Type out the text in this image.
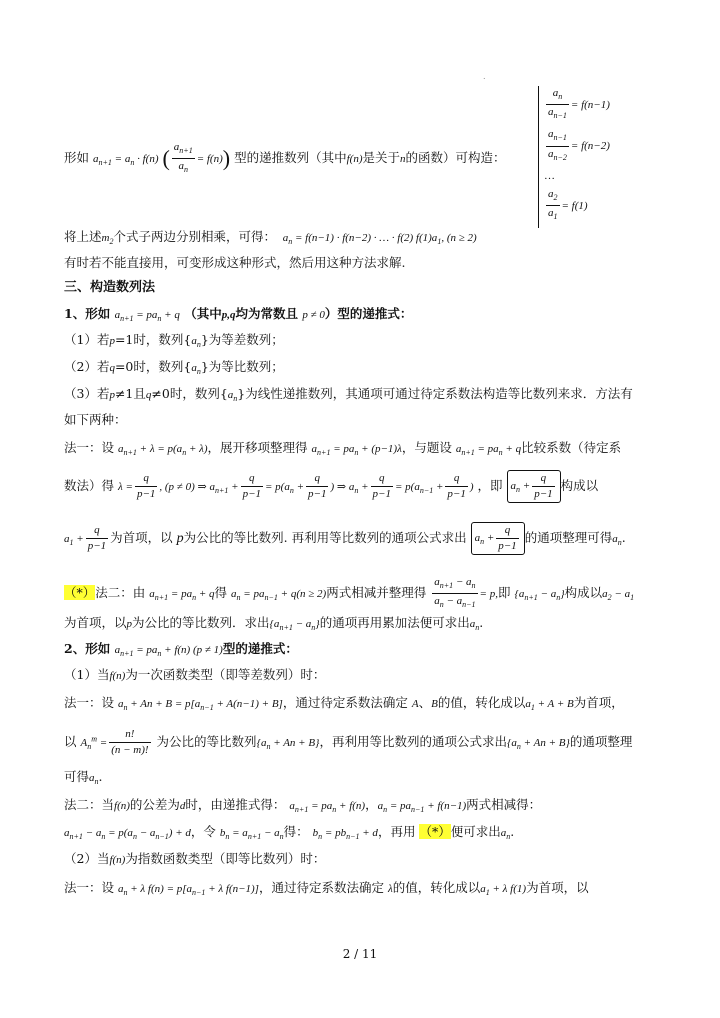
.
$\frac{a_n}{a_{n-1}} = f(n-1)$
$\frac{a_{n-1}}{a_{n-2}} = f(n-2)$
…
$\frac{a_2}{a_1} = f(1)$
形如 $a_{n+1} = a_n \cdot f(n)$ ( $\frac{a_{n+1}}{a_n} = f(n)$) 型的递推数列（其中f(n)是关于n的函数）可构造：
将上述$m_2$个式子两边分别相乘，可得：  $a_n = f(n-1) \cdot f(n-2)$ · … · f(2) $f(1)a_1$, (n ≥ 2)
有时若不能直接用，可变形成这种形式，然后用这种方法求解.
三、构造数列法
1、形如 $a_{n+1} = pa_n + q$ （其中p,q均为常数且 p ≠ 0）型的递推式：
（1）若p=1时，数列$\{a_n\}$为等差数列；
（2）若q=0时，数列$\{a_n\}$为等比数列；
（3）若p≠1且q≠0时，数列$\{a_n\}$为线性递推数列，其通项可通过待定系数法构造等比数列来求．方法有
如下两种：
法一：设 $a_{n+1} + \lambda = p(a_n + \lambda)$，展开移项整理得 $a_{n+1} = pa_n + (p-1)\lambda$，与题设 $a_{n+1} = pa_n + q$比较系数（待定系
数法）得 $\lambda = \frac{q}{p-1}$ , (p ≠ 0) ⇒ $a_{n+1} + \frac{q}{p-1} = p(a_n + \frac{q}{p-1}$ ) ⇒ $a_n + \frac{q}{p-1} = p(a_{n-1} + \frac{q}{p-1}$ ) ，即 $a_n + \frac{q}{p-1}$ 构成以
$a_1 + \frac{q}{p-1}$ 为首项，以 p为公比的等比数列. 再利用等比数列的通项公式求出 $a_n + \frac{q}{p-1}$ 的通项整理可得$a_n$.
（*）法二：由 $a_{n+1} = pa_n + q$得 $a_n = pa_{n-1} + q(n \ge 2)$两式相减并整理得 $\frac{a_{n+1} - a_n}{a_n - a_{n-1}} = p$,即 $\{a_{n+1} - a_n\}$构成以$a_2 - a_1$
为首项，以p为公比的等比数列．求出$\{a_{n+1} - a_n\}$的通项再用累加法便可求出$a_n$.
2、形如 $a_{n+1} = pa_n + f(n) (p \ne 1)$型的递推式：
（1）当f(n)为一次函数类型（即等差数列）时：
法一：设 $a_n + An + B = p[a_{n-1} + A(n-1) + B]$，通过待定系数法确定 A、B的值，转化成以$a_1 + A + B$为首项，
以 $A_n^m = \frac{n!}{(n - m)!}$ 为公比的等比数列$\{a_n + An + B\}$，再利用等比数列的通项公式求出$\{a_n + An + B\}$的通项整理
可得$a_n$.
法二：当f(n)的公差为d时，由递推式得： $a_{n+1} = pa_n + f(n)$，$a_n = pa_{n-1} + f(n-1)$两式相减得：
$a_{n+1} - a_n = p(a_n - a_{n-1}) + d$，令 $b_n = a_{n+1} - a_n$得： $b_n = pb_{n-1} + d$，再用 （*）便可求出$a_n$.
（2）当f(n)为指数函数类型（即等比数列）时：
法一：设 $a_n + \lambda$ $f(n) = p[a_{n-1} + \lambda$ f(n−1)]，通过待定系数法确定 λ的值，转化成以$a_1 + \lambda$ f(1)为首项，以
2 / 11
